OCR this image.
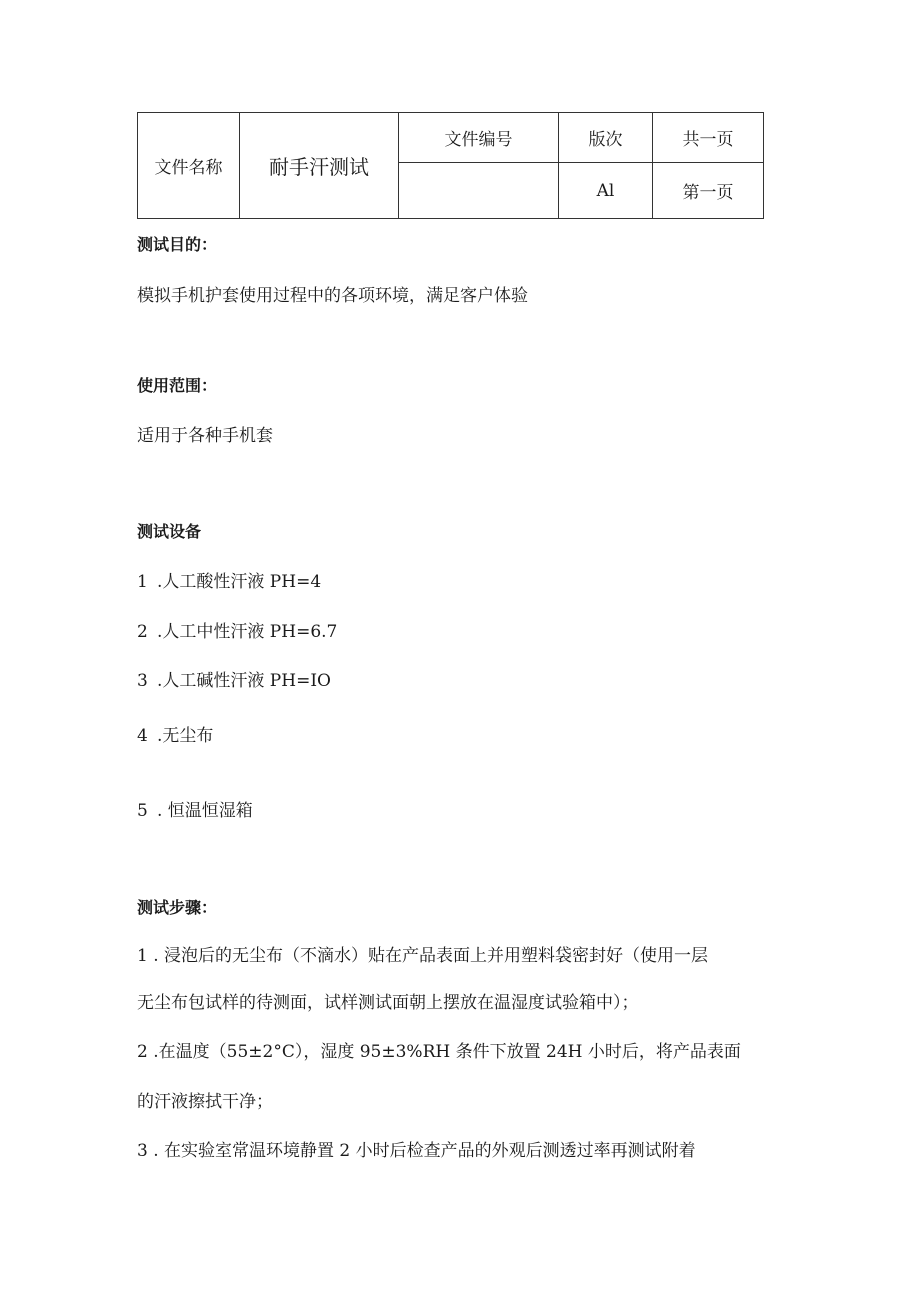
文件名称	耐手汗测试	文件编号	版次	共一页
			Al	第一页
测试目的：
模拟手机护套使用过程中的各项环境，满足客户体验
使用范围：
适用于各种手机套
测试设备
1 .人工酸性汗液 PH=4
2 .人工中性汗液 PH=6.7
3 .人工碱性汗液 PH=IO
4 .无尘布
5 . 恒温恒湿箱
测试步骤：
1 . 浸泡后的无尘布（不滴水）贴在产品表面上并用塑料袋密封好（使用一层
无尘布包试样的待测面，试样测试面朝上摆放在温湿度试验箱中）；
2 .在温度（55±2°C），湿度 95±3%RH 条件下放置 24H 小时后，将产品表面
的汗液擦拭干净；
3 . 在实验室常温环境静置 2 小时后检查产品的外观后测透过率再测试附着
